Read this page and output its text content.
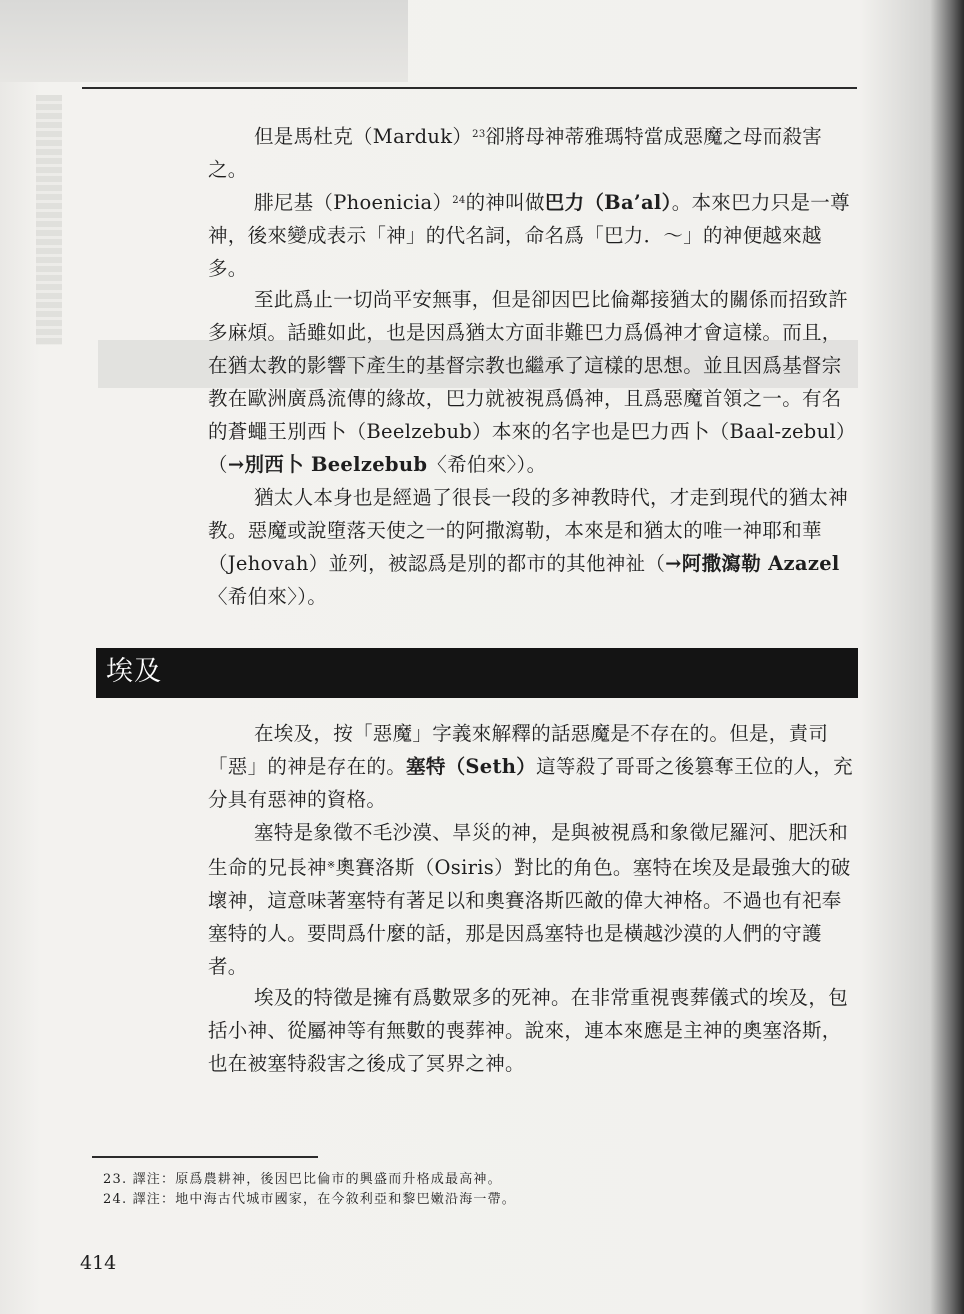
但是馬杜克（Marduk）$^{23}$卻將母神蒂雅瑪特當成惡魔之母而殺害之。

腓尼基（Phoenicia）$^{24}$的神叫做巴力（Ba’al）。本來巴力只是一尊神，後來變成表示「神」的代名詞，命名爲「巴力．～」的神便越來越多。

至此爲止一切尚平安無事，但是卻因巴比倫鄰接猶太的關係而招致許多麻煩。話雖如此，也是因爲猶太方面非難巴力爲僞神才會這樣。而且，在猶太教的影響下產生的基督宗教也繼承了這樣的思想。並且因爲基督宗教在歐洲廣爲流傳的緣故，巴力就被視爲僞神，且爲惡魔首領之一。有名的蒼蠅王別西卜（Beelzebub）本來的名字也是巴力西卜（Baal-zebul）（→別西卜 Beelzebub〈希伯來〉）。

猶太人本身也是經過了很長一段的多神教時代，才走到現代的猶太神教。惡魔或說墮落天使之一的阿撒瀉勒，本來是和猶太的唯一神耶和華（Jehovah）並列，被認爲是別的都市的其他神祉（→阿撒瀉勒 Azazel〈希伯來〉）。

埃及

在埃及，按「惡魔」字義來解釋的話惡魔是不存在的。但是，責司「惡」的神是存在的。塞特（Seth）這等殺了哥哥之後篡奪王位的人，充分具有惡神的資格。

塞特是象徵不毛沙漠、旱災的神，是與被視爲和象徵尼羅河、肥沃和生命的兄長神※奧賽洛斯（Osiris）對比的角色。塞特在埃及是最強大的破壞神，這意味著塞特有著足以和奧賽洛斯匹敵的偉大神格。不過也有祀奉塞特的人。要問爲什麼的話，那是因爲塞特也是橫越沙漠的人們的守護者。

埃及的特徵是擁有爲數眾多的死神。在非常重視喪葬儀式的埃及，包括小神、從屬神等有無數的喪葬神。說來，連本來應是主神的奧塞洛斯，也在被塞特殺害之後成了冥界之神。

23. 譯注：原爲農耕神，後因巴比倫市的興盛而升格成最高神。
24. 譯注：地中海古代城市國家，在今敘利亞和黎巴嫩沿海一帶。
414
